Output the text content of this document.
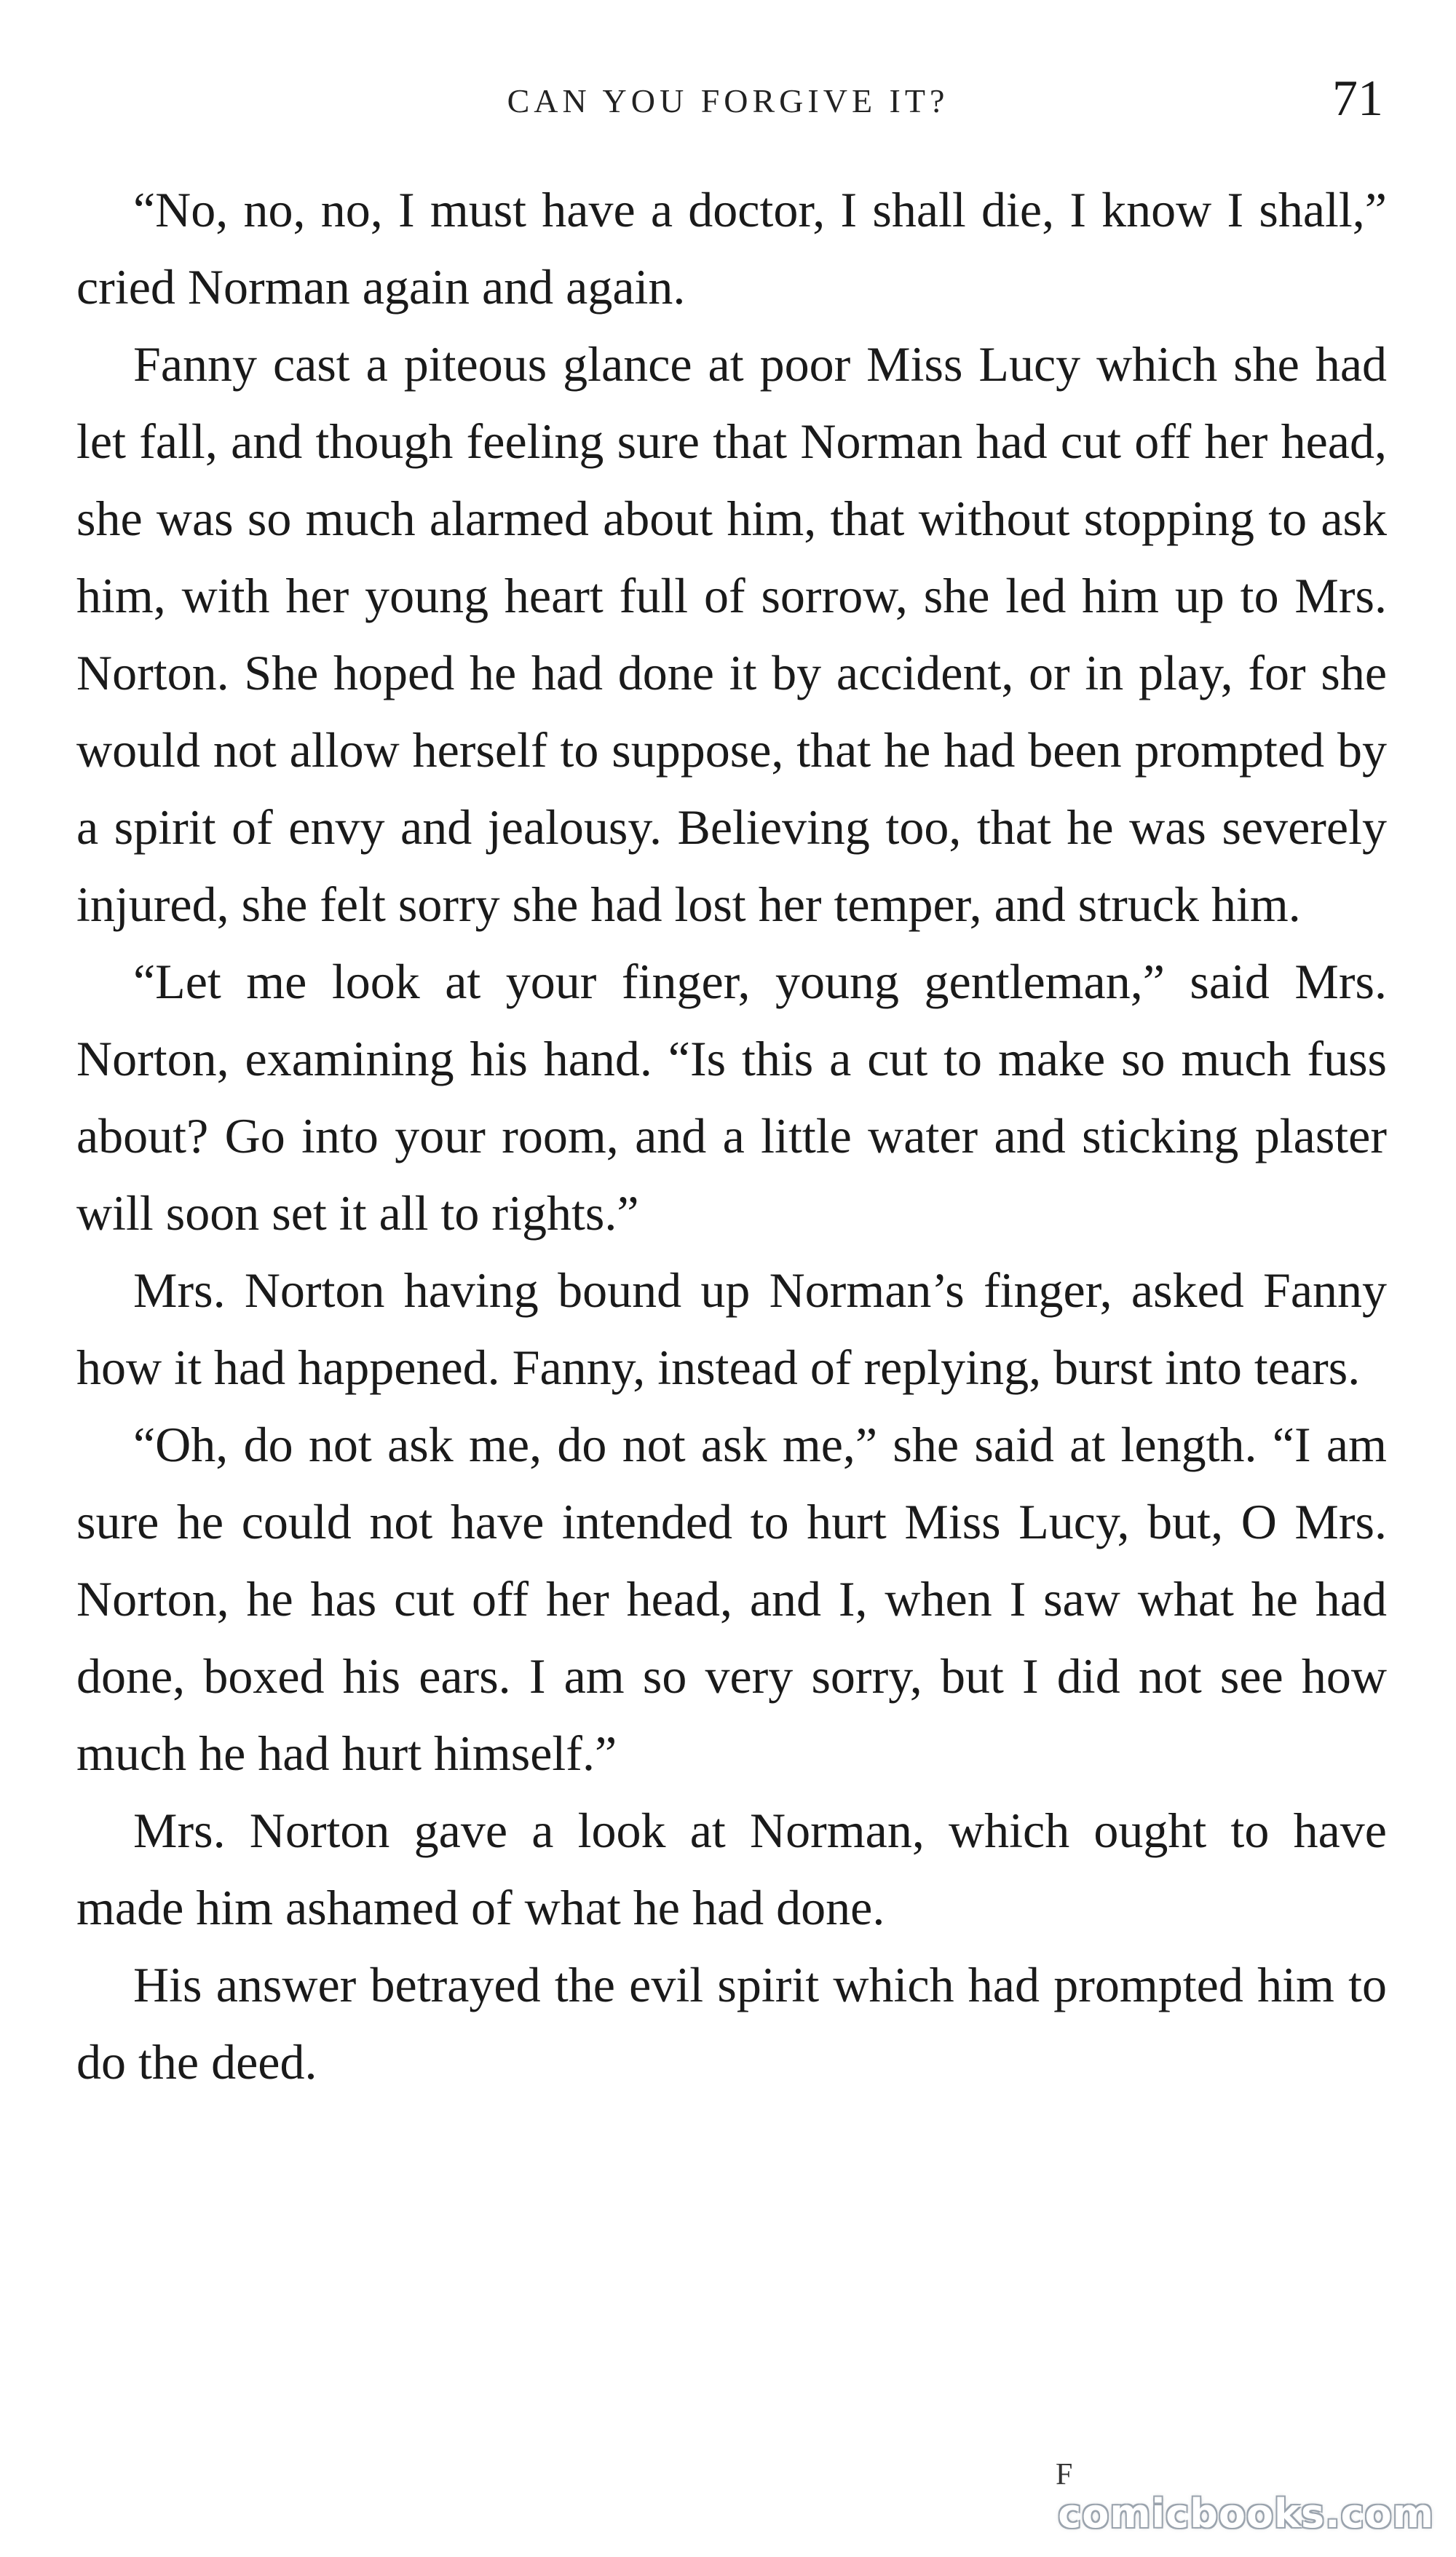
CAN YOU FORGIVE IT?	71

“No, no, no, I must have a doctor, I shall die, I know I shall,” cried Norman again and again.

Fanny cast a piteous glance at poor Miss Lucy which she had let fall, and though feeling sure that Norman had cut off her head, she was so much alarmed about him, that without stopping to ask him, with her young heart full of sorrow, she led him up to Mrs. Norton. She hoped he had done it by accident, or in play, for she would not allow herself to suppose, that he had been prompted by a spirit of envy and jealousy. Believing too, that he was severely injured, she felt sorry she had lost her temper, and struck him.

“Let me look at your finger, young gentleman,” said Mrs. Norton, examining his hand. “Is this a cut to make so much fuss about? Go into your room, and a little water and sticking plaster will soon set it all to rights.”

Mrs. Norton having bound up Norman’s finger, asked Fanny how it had happened. Fanny, instead of replying, burst into tears.

“Oh, do not ask me, do not ask me,” she said at length. “I am sure he could not have intended to hurt Miss Lucy, but, O Mrs. Norton, he has cut off her head, and I, when I saw what he had done, boxed his ears. I am so very sorry, but I did not see how much he had hurt himself.”

Mrs. Norton gave a look at Norman, which ought to have made him ashamed of what he had done.

His answer betrayed the evil spirit which had prompted him to do the deed.

F
comicbooks.com
